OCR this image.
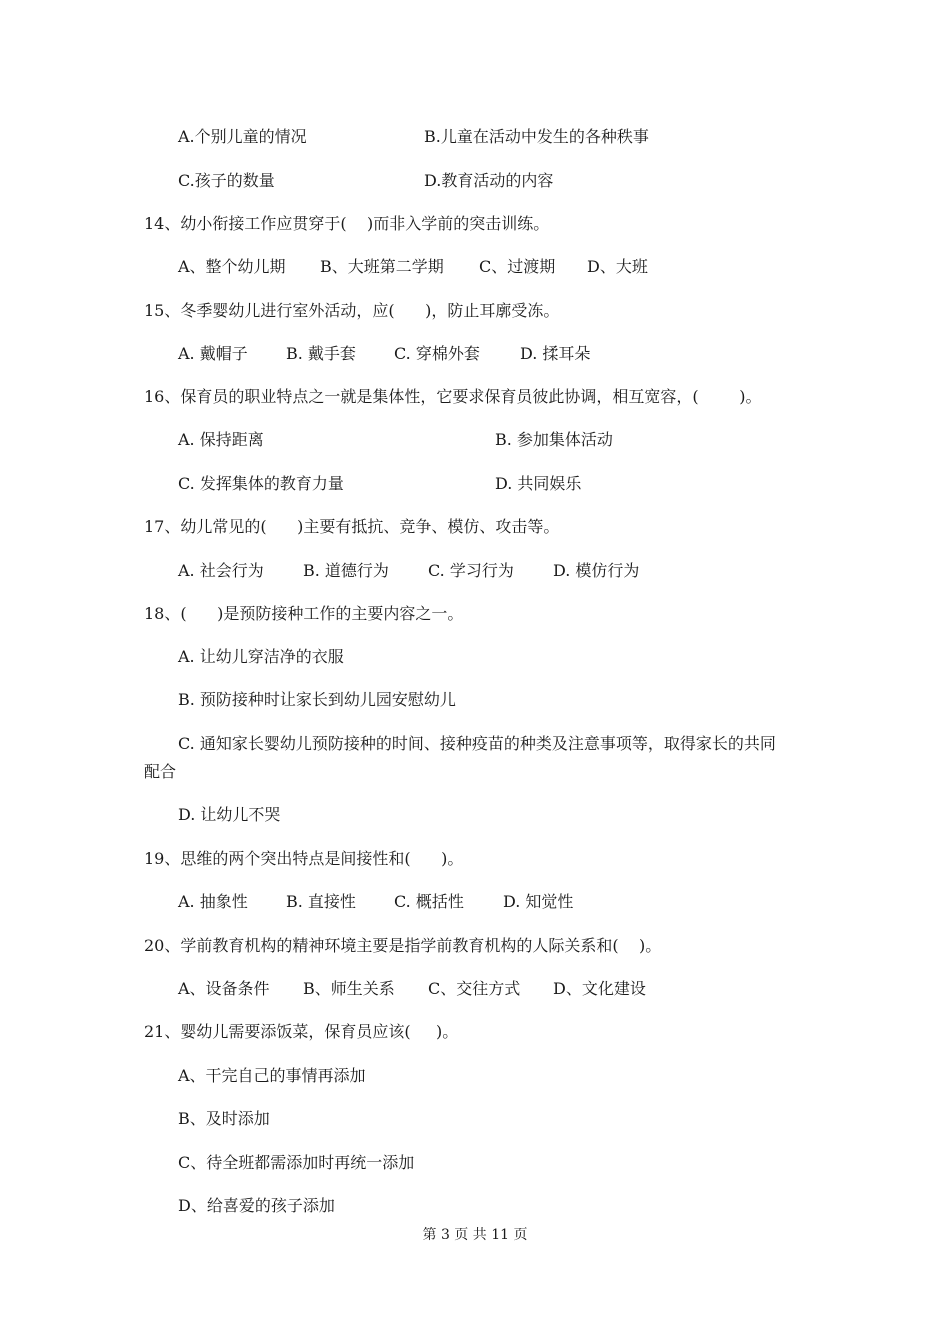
A.个别儿童的情况	B.儿童在活动中发生的各种秩事
C.孩子的数量	D.教育活动的内容
14、幼小衔接工作应贯穿于(    )而非入学前的突击训练。
A、整个幼儿期 B、大班第二学期 C、过渡期 D、大班
15、冬季婴幼儿进行室外活动，应(      )，防止耳廓受冻。
A. 戴帽子 B. 戴手套 C. 穿棉外套	D. 揉耳朵
16、保育员的职业特点之一就是集体性，它要求保育员彼此协调，相互宽容，(        )。
A. 保持距离	B. 参加集体活动
C. 发挥集体的教育力量	D. 共同娱乐
17、幼儿常见的(      )主要有抵抗、竞争、模仿、攻击等。
A. 社会行为 B. 道德行为 C. 学习行为 D. 模仿行为
18、(      )是预防接种工作的主要内容之一。
A. 让幼儿穿洁净的衣服
B. 预防接种时让家长到幼儿园安慰幼儿
C. 通知家长婴幼儿预防接种的时间、接种疫苗的种类及注意事项等，取得家长的共同
配合
D. 让幼儿不哭
19、思维的两个突出特点是间接性和(      )。
A. 抽象性 B. 直接性 C. 概括性 D. 知觉性
20、学前教育机构的精神环境主要是指学前教育机构的人际关系和(    )。
A、设备条件 B、师生关系 C、交往方式 D、文化建设
21、婴幼儿需要添饭菜，保育员应该(     )。
A、干完自己的事情再添加
B、及时添加
C、待全班都需添加时再统一添加
D、给喜爱的孩子添加
第 3 页 共 11 页
